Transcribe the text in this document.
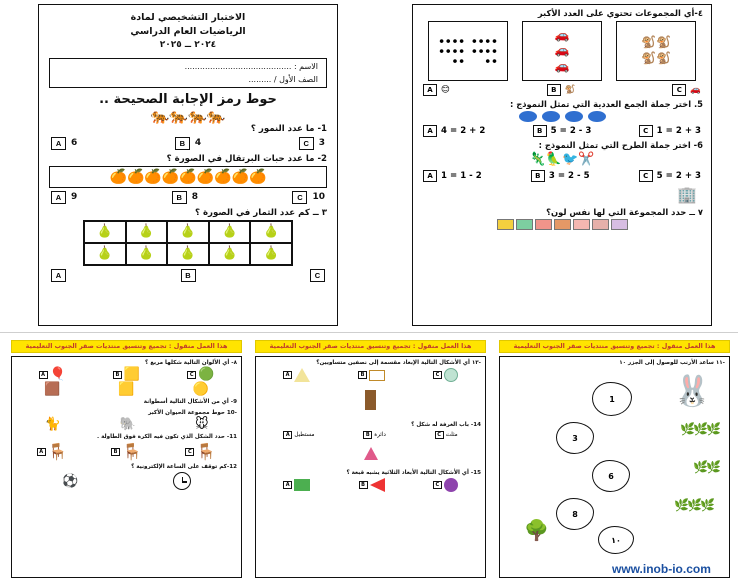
الاختبار التشخيصي لمادة
الرياضيات العام الدراسي
٢٠٢٤ ــ ٢٠٢٥
الاسم : ..........................................
الصف الأول / .........
حوط رمز الإجابة الصحيحة ..
🐅🐅🐅🐅
1- ما عدد النمور ؟
A	6	B	4	C	3
2- ما عدد حبات البرتقال في الصورة ؟
🍊🍊🍊🍊🍊🍊🍊🍊🍊
A	9	B	8	C	10
٣ ــ كم عدد الثمار في الصورة ؟
🍐
🍐
🍐
🍐
🍐
🍐
🍐
🍐
🍐
🍐
A	B	C
٤-أي المجموعات تحتوي على العدد الأكبر
⚫⚫⚫⚫
⚫⚫⚫⚫
⚫⚫⚫⚫
⚫⚫⚫⚫
⚫⚫
⚫⚫
🚗
🚗
🚗
🐒🐒
🐒🐒
A 😊	B 🐒	C 🚗
5. اختر جملة الجمع العددية التي تمثل النموذج :
A 2 + 2 = 4	B 3 - 2 = 5	C 3 + 2 = 1
6- اختر جملة الطرح التي تمثل النموذج :
✂️🐦🦜🦎
A 2 - 1 = 1	B 5 - 2 = 3	C 3 + 2 = 5
🏢
٧ ــ حدد المجموعة التي لها نفس لون؟
هذا العمل منقول : تجميع وتنسيق منتديات صقر الجنوب التعليمية
-١١ ساعد الأرنب للوصول إلى الجزر ١٠
🐰
🌿🌿🌿
🌿🌿
🌿🌿🌿
🌳
1
3
6
8
١٠
هذا العمل منقول : تجميع وتنسيق منتديات صقر الجنوب التعليمية
-١٣ أي الأشكال التالية الإبعاد مقسمة إلى نصفين متساويين؟
A	B	C
14- باب الغرفة له شكل ؟
A مستطيل	B دائرة	C مثلث
15- أي الأشكال التالية الأبعاد الثلاثية يشبه قبعة ؟
A	B	C
هذا العمل منقول : تجميع وتنسيق منتديات صقر الجنوب التعليمية
٨- أي الألوان التالية شكلها مربع ؟
A 🎈	B 🟨	C 🟢
🟫	🟨	🟡
9- أي من الأشكال التالية أسطوانة
-10 حوط مجموعة الحيوان الأكبر
🐈	🐘	🐭
11- حدد الشكل الذي تكون فيه الكرة فوق الطاولة .
A 🪑	B 🪑	C 🪑
12-كم توقف على الساعة الإلكترونية ؟
⚽
www.inob-io.com
